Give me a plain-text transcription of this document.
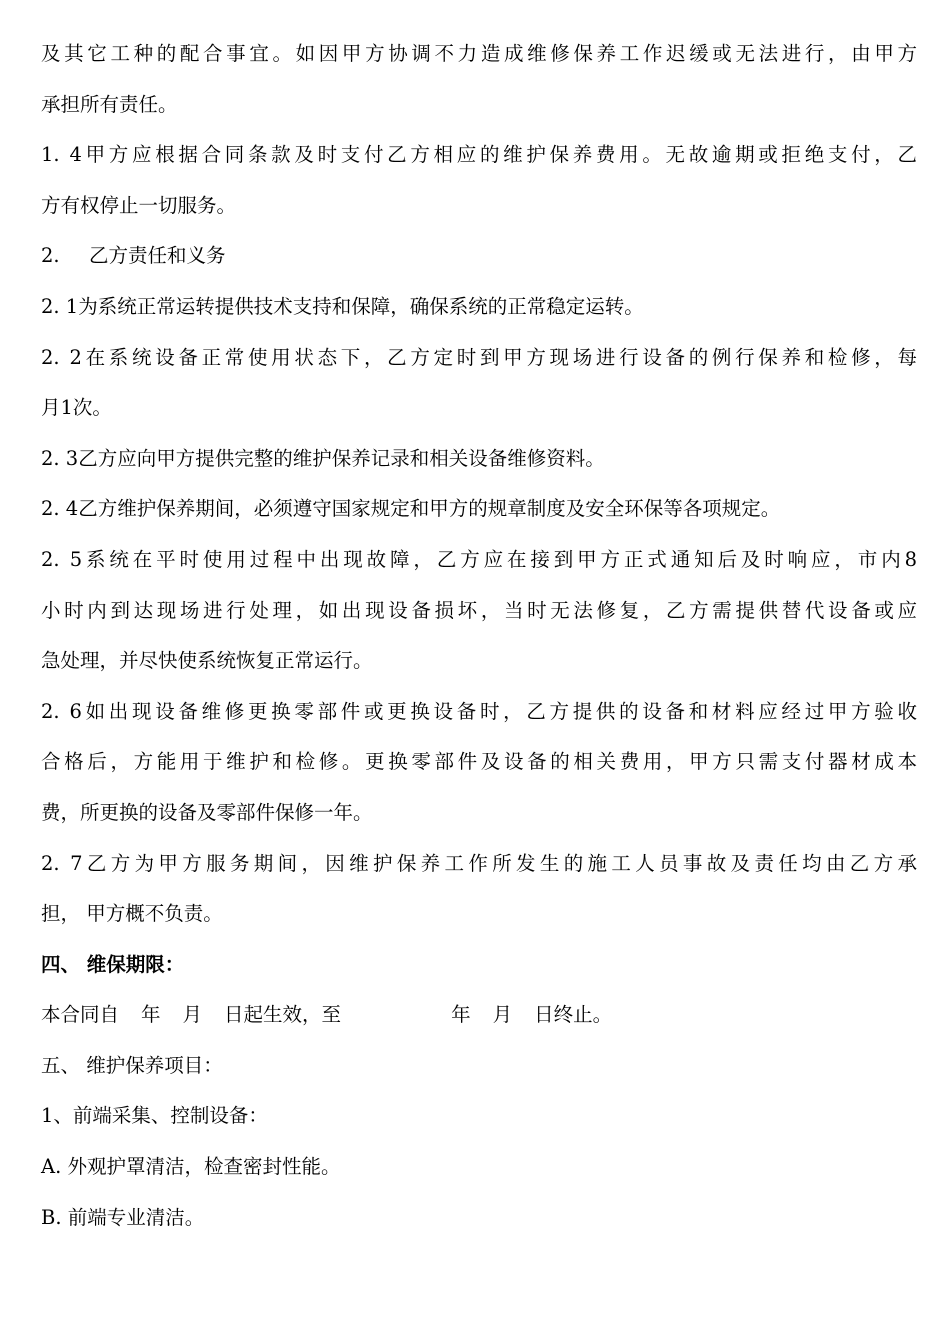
及其它工种的配合事宜。如因甲方协调不力造成维修保养工作迟缓或无法进行，由甲方
承担所有责任。
1. 4甲方应根据合同条款及时支付乙方相应的维护保养费用。无故逾期或拒绝支付，乙
方有权停止一切服务。
2. 乙方责任和义务
2. 1为系统正常运转提供技术支持和保障，确保系统的正常稳定运转。
2. 2在系统设备正常使用状态下，乙方定时到甲方现场进行设备的例行保养和检修，每
月1次。
2. 3乙方应向甲方提供完整的维护保养记录和相关设备维修资料。
2. 4乙方维护保养期间，必须遵守国家规定和甲方的规章制度及安全环保等各项规定。
2. 5系统在平时使用过程中出现故障，乙方应在接到甲方正式通知后及时响应，市内8
小时内到达现场进行处理，如出现设备损坏，当时无法修复，乙方需提供替代设备或应
急处理，并尽快使系统恢复正常运行。
2. 6如出现设备维修更换零部件或更换设备时，乙方提供的设备和材料应经过甲方验收
合格后，方能用于维护和检修。更换零部件及设备的相关费用，甲方只需支付器材成本
费，所更换的设备及零部件保修一年。
2. 7乙方为甲方服务期间，因维护保养工作所发生的施工人员事故及责任均由乙方承
担， 甲方概不负责。
四、 维保期限：
本合同自 年 月 日起生效，至	年 月 日终止。
五、 维护保养项目：
1、前端采集、控制设备：
A. 外观护罩清洁，检查密封性能。
B. 前端专业清洁。
